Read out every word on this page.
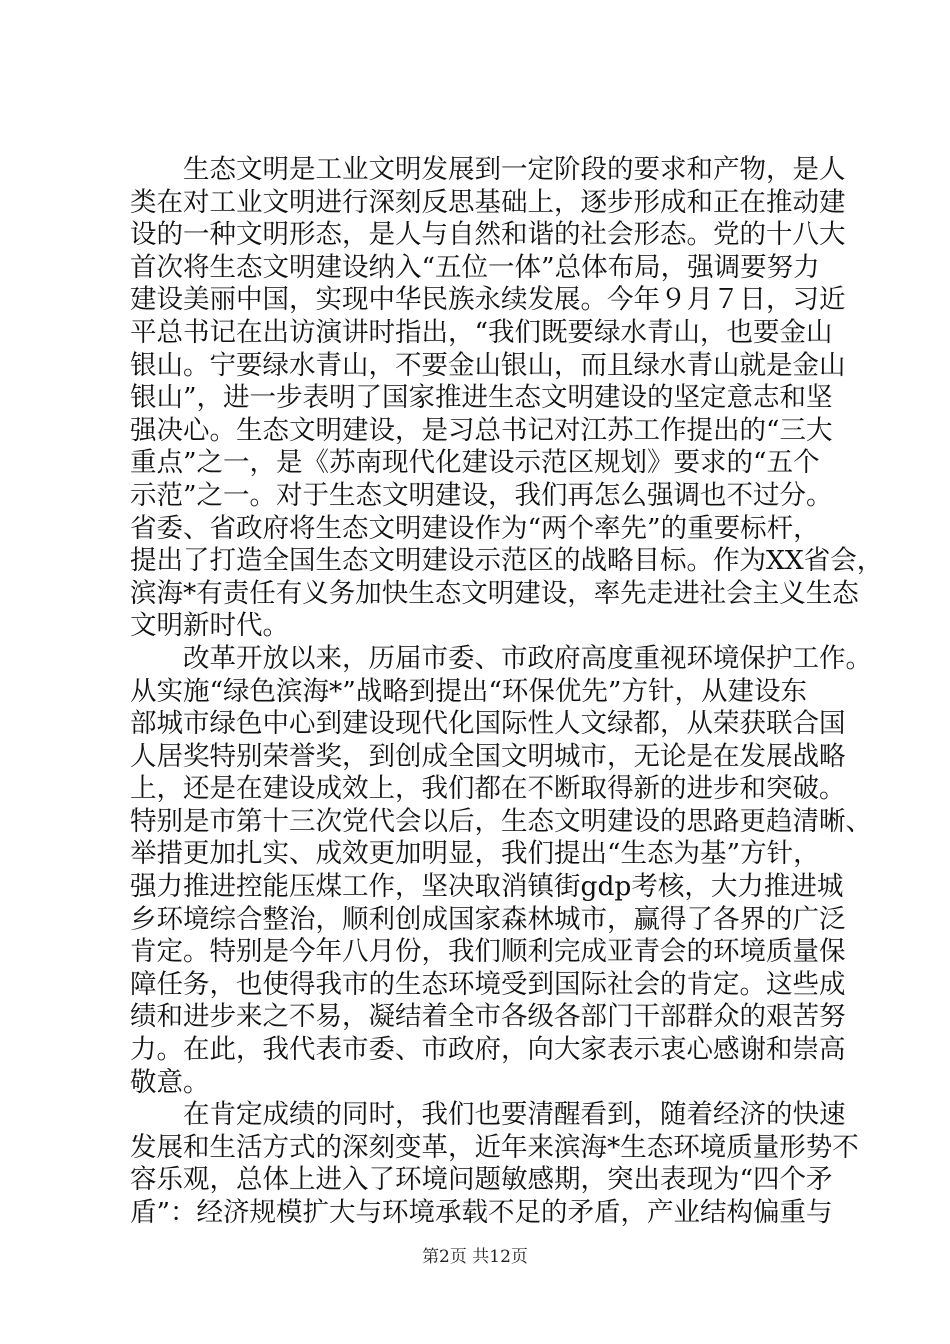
生态文明是工业文明发展到一定阶段的要求和产物，是人
类在对工业文明进行深刻反思基础上，逐步形成和正在推动建
设的一种文明形态，是人与自然和谐的社会形态。党的十八大
首次将生态文明建设纳入“五位一体”总体布局，强调要努力
建设美丽中国，实现中华民族永续发展。今年９月７日，习近
平总书记在出访演讲时指出，“我们既要绿水青山，也要金山
银山。宁要绿水青山，不要金山银山，而且绿水青山就是金山
银山”，进一步表明了国家推进生态文明建设的坚定意志和坚
强决心。生态文明建设，是习总书记对江苏工作提出的“三大
重点”之一，是《苏南现代化建设示范区规划》要求的“五个
示范”之一。对于生态文明建设，我们再怎么强调也不过分。
省委、省政府将生态文明建设作为“两个率先”的重要标杆，
提出了打造全国生态文明建设示范区的战略目标。作为XX省会，
滨海*有责任有义务加快生态文明建设，率先走进社会主义生态
文明新时代。
改革开放以来，历届市委、市政府高度重视环境保护工作。
从实施“绿色滨海*”战略到提出“环保优先”方针，从建设东
部城市绿色中心到建设现代化国际性人文绿都，从荣获联合国
人居奖特别荣誉奖，到创成全国文明城市，无论是在发展战略
上，还是在建设成效上，我们都在不断取得新的进步和突破。
特别是市第十三次党代会以后，生态文明建设的思路更趋清晰、
举措更加扎实、成效更加明显，我们提出“生态为基”方针，
强力推进控能压煤工作，坚决取消镇街gdp考核，大力推进城
乡环境综合整治，顺利创成国家森林城市，赢得了各界的广泛
肯定。特别是今年八月份，我们顺利完成亚青会的环境质量保
障任务，也使得我市的生态环境受到国际社会的肯定。这些成
绩和进步来之不易，凝结着全市各级各部门干部群众的艰苦努
力。在此，我代表市委、市政府，向大家表示衷心感谢和崇高
敬意。
在肯定成绩的同时，我们也要清醒看到，随着经济的快速
发展和生活方式的深刻变革，近年来滨海*生态环境质量形势不
容乐观，总体上进入了环境问题敏感期，突出表现为“四个矛
盾”：经济规模扩大与环境承载不足的矛盾，产业结构偏重与
第2页 共12页
